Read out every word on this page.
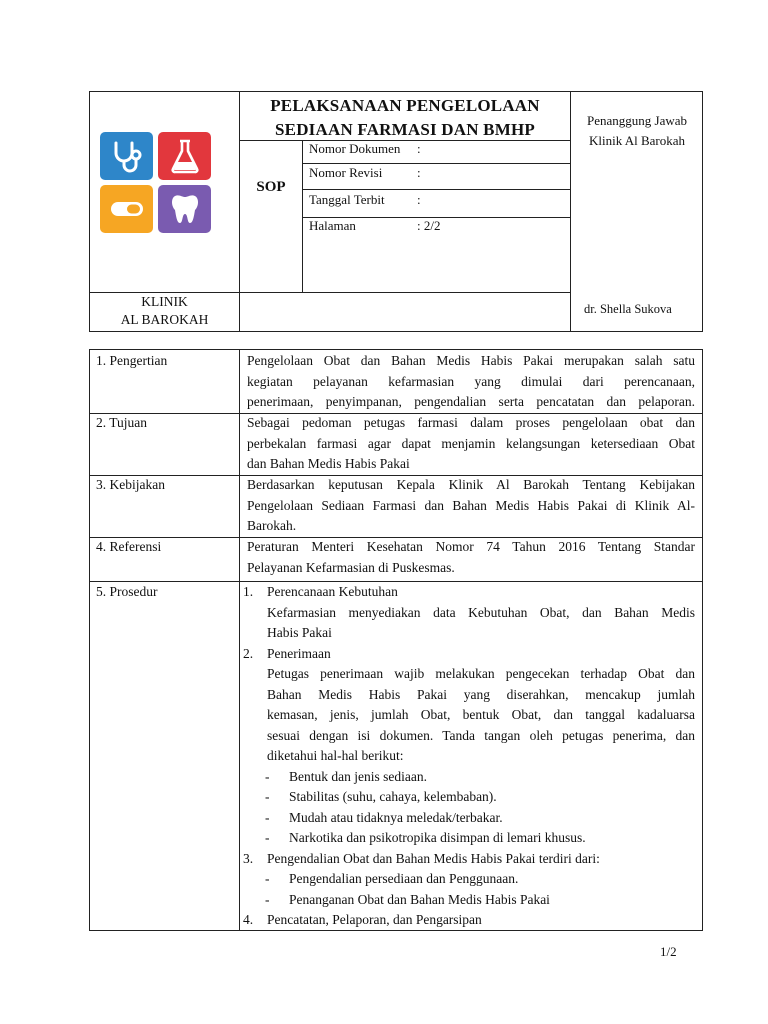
PELAKSANAAN PENGELOLAAN
SEDIAAN FARMASI DAN BMHP
SOP
Nomor Dokumen :
Nomor Revisi	:
Tanggal Terbit :
Halaman	: 2/2
Penanggung Jawab
Klinik Al Barokah
KLINIK
AL BAROKAH
dr. Shella Sukova
1. Pengertian
2. Tujuan
3. Kebijakan
4. Referensi
5. Prosedur
Pengelolaan Obat dan Bahan Medis Habis Pakai merupakan salah satu
kegiatan pelayanan kefarmasian yang dimulai dari perencanaan,
penerimaan, penyimpanan, pengendalian serta pencatatan dan pelaporan.
Sebagai pedoman petugas farmasi dalam proses pengelolaan obat dan
perbekalan farmasi agar dapat menjamin kelangsungan ketersediaan Obat
dan Bahan Medis Habis Pakai
Berdasarkan keputusan Kepala Klinik Al Barokah Tentang Kebijakan
Pengelolaan Sediaan Farmasi dan Bahan Medis Habis Pakai di Klinik Al-
Barokah.
Peraturan Menteri Kesehatan Nomor 74 Tahun 2016 Tentang Standar
Pelayanan Kefarmasian di Puskesmas.
1. Perencanaan Kebutuhan
Kefarmasian menyediakan data Kebutuhan Obat, dan Bahan Medis
Habis Pakai
2. Penerimaan
Petugas penerimaan wajib melakukan pengecekan terhadap Obat dan
Bahan Medis Habis Pakai yang diserahkan, mencakup jumlah
kemasan, jenis, jumlah Obat, bentuk Obat, dan tanggal kadaluarsa
sesuai dengan isi dokumen. Tanda tangan oleh petugas penerima, dan
diketahui hal-hal berikut:
- Bentuk dan jenis sediaan.
- Stabilitas (suhu, cahaya, kelembaban).
- Mudah atau tidaknya meledak/terbakar.
- Narkotika dan psikotropika disimpan di lemari khusus.
3. Pengendalian Obat dan Bahan Medis Habis Pakai terdiri dari:
- Pengendalian persediaan dan Penggunaan.
- Penanganan Obat dan Bahan Medis Habis Pakai
4. Pencatatan, Pelaporan, dan Pengarsipan
1/2
